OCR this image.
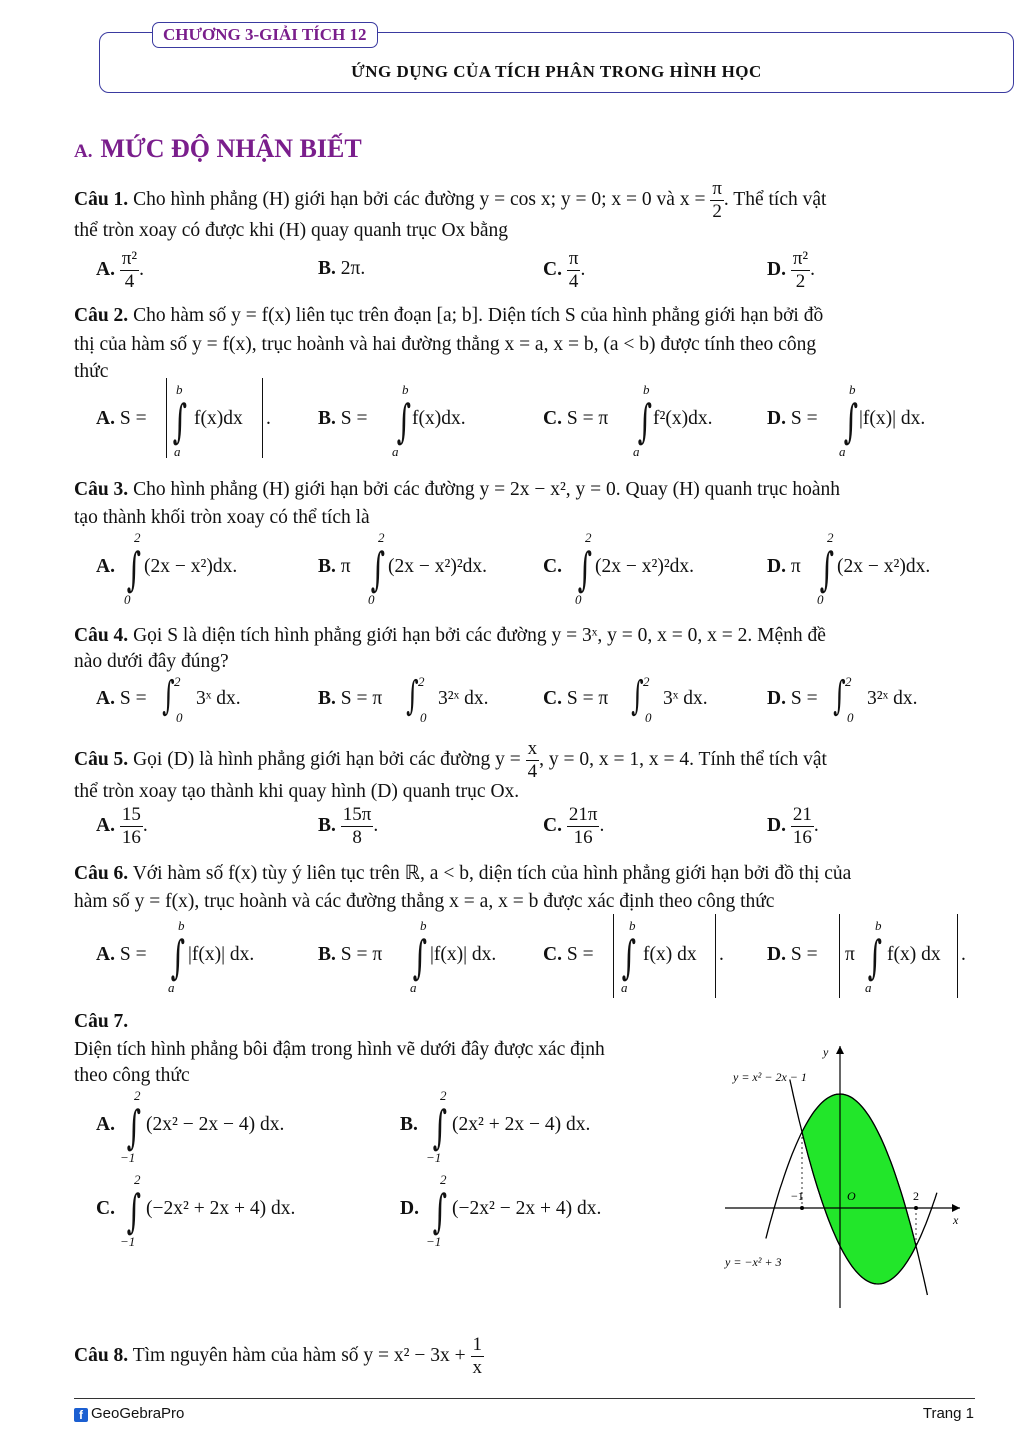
CHƯƠNG 3-GIẢI TÍCH 12
ỨNG DỤNG CỦA TÍCH PHÂN TRONG HÌNH HỌC
A. MỨC ĐỘ NHẬN BIẾT
Câu 1. Cho hình phẳng (H) giới hạn bởi các đường y = cos x; y = 0; x = 0 và $x = \frac{\pi}{2}$ . Thể tích vật
thể tròn xoay có được khi (H) quay quanh trục Ox bằng
A. $\frac{\text{π²}}{4}$ .	B. 2π.	C. $\frac{\pi}{4}$ .	D. $\frac{\text{π²}}{2}$ .
Câu 2. Cho hàm số y = f(x) liên tục trên đoạn [a; b]. Diện tích S của hình phẳng giới hạn bởi đồ
thị của hàm số y = f(x), trục hoành và hai đường thẳng x = a, x = b, (a < b) được tính theo công
thức
A. S =
b
∫
a
f(x)dx . B. S =
b
∫
a
f(x)dx.	C. S = π
b
∫
a
f²(x)dx.	D. S =
b
∫
a
|f(x)| dx.
Câu 3. Cho hình phẳng (H) giới hạn bởi các đường y = 2x − x², y = 0. Quay (H) quanh trục hoành
tạo thành khối tròn xoay có thể tích là
A.
2
∫
0
(2x − x²)dx.	B. π
2
∫
0
(2x − x²)²dx.	C.
2
∫
0
(2x − x²)²dx.	D. π
2
∫
0
(2x − x²)dx.
Câu 4. Gọi S là diện tích hình phẳng giới hạn bởi các đường y = 3ˣ, y = 0, x = 0, x = 2. Mệnh đề
nào dưới đây đúng?
A. S = ∫ 2
0
3ˣ dx.	B. S = π ∫ 2
0
3²ˣ dx.	C. S = π ∫ 2
0
3ˣ dx.	D. S = ∫ 2
0
3²ˣ dx.
Câu 5. Gọi (D) là hình phẳng giới hạn bởi các đường $y = \frac{x}{4}$ , y = 0, x = 1, x = 4. Tính thể tích vật
thể tròn xoay tạo thành khi quay hình (D) quanh trục Ox.
A. $\frac{15}{16}$ .	B. $\frac{15\pi}{8}$ .	C. $\frac{21\pi}{16}$ .	D. $\frac{21}{16}$ .
Câu 6. Với hàm số f(x) tùy ý liên tục trên ℝ, a < b, diện tích của hình phẳng giới hạn bởi đồ thị của
hàm số y = f(x), trục hoành và các đường thẳng x = a, x = b được xác định theo công thức
A. S =
b
∫
a
|f(x)| dx.	B. S = π
b
∫
a
|f(x)| dx. C. S =
b
∫
a
f(x) dx . D. S = π
b
∫
a
f(x) dx .
Câu 7.
Diện tích hình phẳng bôi đậm trong hình vẽ dưới đây được xác định
theo công thức
A.
2
∫
−1
(2x² − 2x − 4) dx.	B.
2
∫
−1
(2x² + 2x − 4) dx.
C.
2
∫
−1
(−2x² + 2x + 4) dx.	D.
2
∫
−1
(−2x² − 2x + 4) dx.
y
x
O
−1	2
y = x² − 2x − 1
y = −x² + 3
Câu 8. Tìm nguyên hàm của hàm số $y = x^2 - 3x + \frac{1}{x}$
f GeoGebraPro	Trang 1
